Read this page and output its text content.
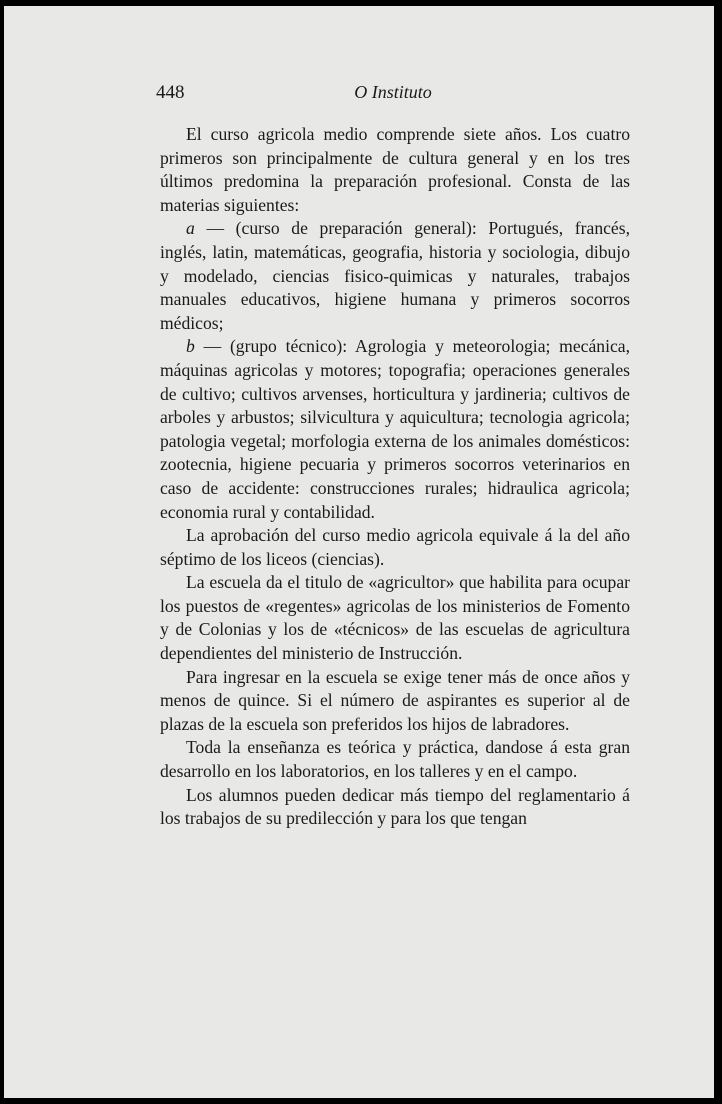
448	O Instituto

El curso agricola medio comprende siete años. Los cuatro primeros son principalmente de cultura general y en los tres últimos predomina la preparación profesional. Consta de las materias siguientes:

a — (curso de preparación general): Portugués, francés, inglés, latin, matemáticas, geografia, historia y sociologia, dibujo y modelado, ciencias fisico-quimicas y naturales, trabajos manuales educativos, higiene humana y primeros socorros médicos;

b — (grupo técnico): Agrologia y meteorologia; mecánica, máquinas agricolas y motores; topografia; operaciones generales de cultivo; cultivos arvenses, horticultura y jardineria; cultivos de arboles y arbustos; silvicultura y aquicultura; tecnologia agricola; patologia vegetal; morfologia externa de los animales domésticos: zootecnia, higiene pecuaria y primeros socorros veterinarios en caso de accidente: construcciones rurales; hidraulica agricola; economia rural y contabilidad.

La aprobación del curso medio agricola equivale á la del año séptimo de los liceos (ciencias).

La escuela da el titulo de «agricultor» que habilita para ocupar los puestos de «regentes» agricolas de los ministerios de Fomento y de Colonias y los de «técnicos» de las escuelas de agricultura dependientes del ministerio de Instrucción.

Para ingresar en la escuela se exige tener más de once años y menos de quince. Si el número de aspirantes es superior al de plazas de la escuela son preferidos los hijos de labradores.

Toda la enseñanza es teórica y práctica, dandose á esta gran desarrollo en los laboratorios, en los talleres y en el campo.

Los alumnos pueden dedicar más tiempo del reglamentario á los trabajos de su predilección y para los que tengan
